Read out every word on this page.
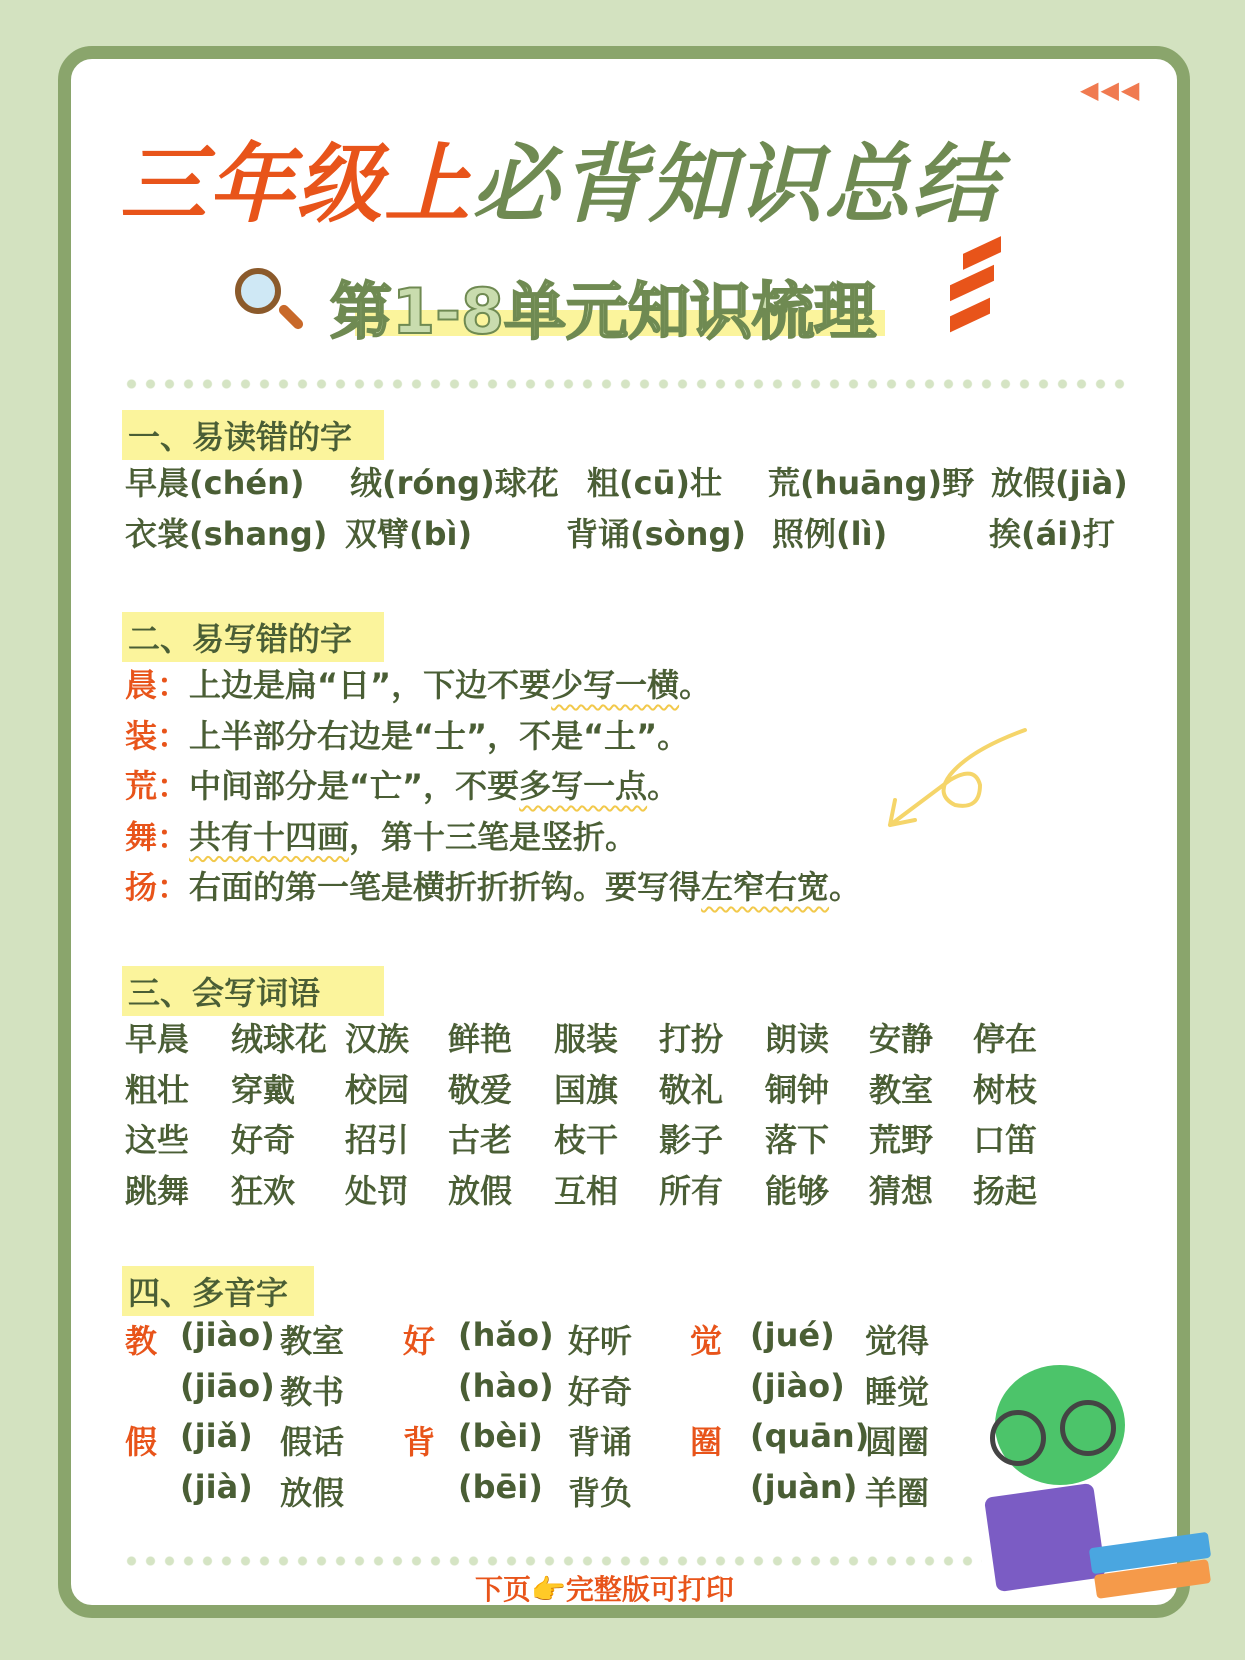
◀◀◀
三年级上必背知识总结
第1-8单元知识梳理
一、易读错的字
早晨(chén) 绒(róng)球花 粗(cū)壮 荒(huāng)野 放假(jià)
衣裳(shang) 双臂(bì)	背诵(sòng) 照例(lì)	挨(ái)打
二、易写错的字
晨：上边是扁“日”，下边不要少写一横。
装：上半部分右边是“士”，不是“土”。
荒：中间部分是“亡”，不要多写一点。
舞：共有十四画，第十三笔是竖折。
扬：右面的第一笔是横折折折钩。要写得左窄右宽。
三、会写词语
早晨 绒球花 汉族 鲜艳 服装 打扮 朗读 安静 停在
粗壮 穿戴 校园 敬爱 国旗 敬礼 铜钟 教室 树枝
这些 好奇 招引 古老 枝干 影子 落下 荒野 口笛
跳舞 狂欢 处罚 放假 互相 所有 能够 猜想 扬起
四、多音字
教 (jiào) 教室
(jiāo) 教书
好 (hǎo) 好听
(hào) 好奇
觉 (jué) 觉得
(jiào) 睡觉
假 (jiǎ) 假话
(jià) 放假
背 (bèi) 背诵
(bēi) 背负
圈 (quān)
圆圈
(juàn) 羊圈
下页👉完整版可打印
